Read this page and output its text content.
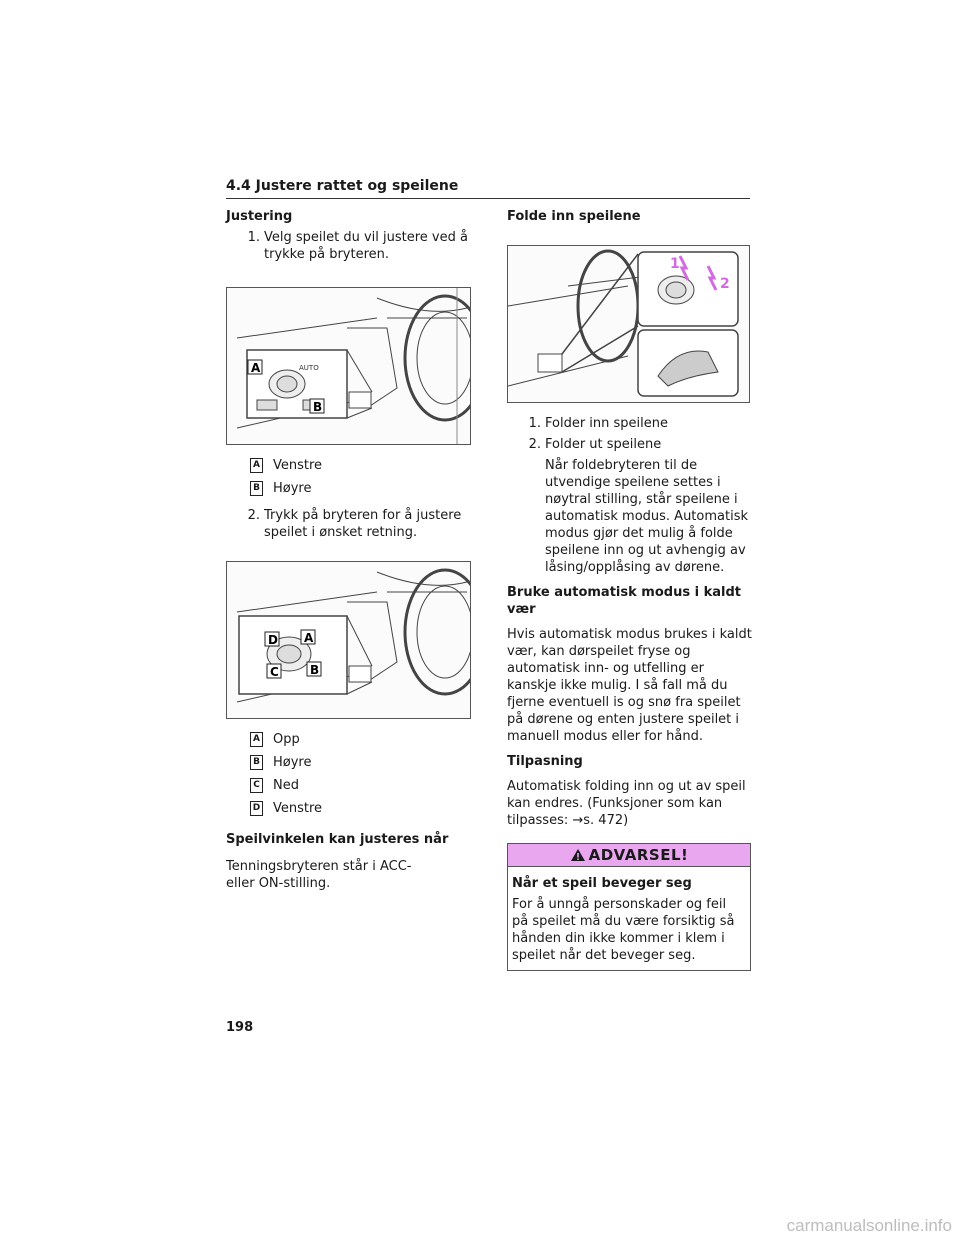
4.4 Justere rattet og speilene
Justering
1. Velg speilet du vil justere ved å trykke på bryteren.
AUTO
A
B
A Venstre
B Høyre
2. Trykk på bryteren for å justere speilet i ønsket retning.
D A
C	B
A Opp
B Høyre
C Ned
D Venstre
Speilvinkelen kan justeres når
Tenningsbryteren står i ACC- eller ON-stilling.
Folde inn speilene
1
2
1. Folder inn speilene
2. Folder ut speilene
Når foldebryteren til de utvendige speilene settes i nøytral stilling, står speilene i automatisk modus. Automatisk modus gjør det mulig å folde speilene inn og ut avhengig av låsing/opplåsing av dørene.
Bruke automatisk modus i kaldt vær
Hvis automatisk modus brukes i kaldt vær, kan dørspeilet fryse og automatisk inn- og utfelling er kanskje ikke mulig. I så fall må du fjerne eventuell is og snø fra speilet på dørene og enten justere speilet i manuell modus eller for hånd.
Tilpasning
Automatisk folding inn og ut av speil kan endres. (Funksjoner som kan tilpasses: →s. 472)
ADVARSEL!
Når et speil beveger seg
For å unngå personskader og feil på speilet må du være forsiktig så hånden din ikke kommer i klem i speilet når det beveger seg.
198
carmanualsonline.info
